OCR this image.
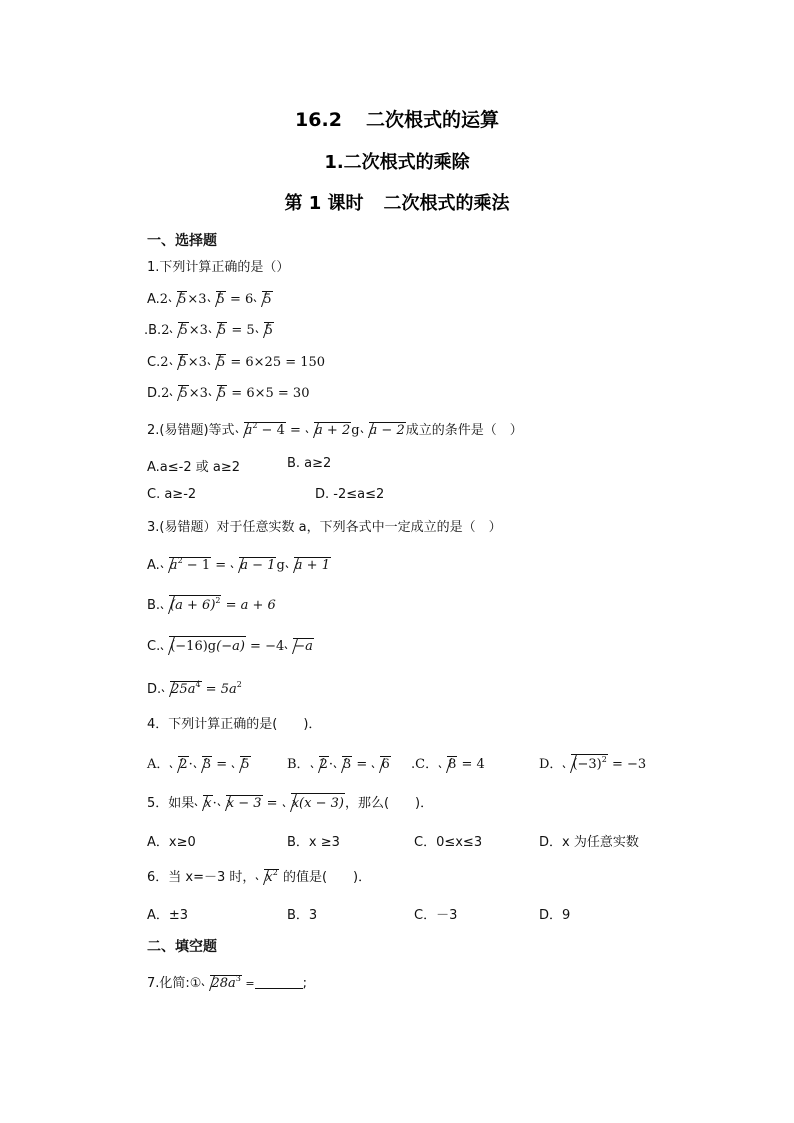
16.2 二次根式的运算
1.二次根式的乘除
第 1 课时 二次根式的乘法
一、选择题
1.下列计算正确的是（）
A.2 5×3 5 = 6 5
.B.2 5×3 5 = 5 5
C.2 5×3 5 = 6×25 = 150
D.2 5×3 5 = 6×5 = 30
2.(易错题)等式 $a^2 - 4 = a + 2g$ a − 2成立的条件是（　）
A.a≤-2 或 a≥2	B. a≥2
C. a≥-2	D. -2≤a≤2
3.(易错题）对于任意实数 a，下列各式中一定成立的是（　）
A. $a^2 - 1 = a - 1g$ a + 1
B. $(a + 6)^2 = a + 6$
C. (−16)g(−a) = −4 −a
D. $25a^4 = 5a^2$
4．下列计算正确的是(　　)．
A． 2· 3 = 5	B． 2· 3 = 6 .C． 8 = 4	D． $(-3)^2 = -3$
5．如果 x· x − 3 = x(x − 3)，那么(　　)．
A．x≥0	B．x ≥3	C．0≤x≤3	D．x 为任意实数
6．当 x=－3 时， $x^2$ 的值是(　　)．
A．±3	B．3	C．－3	D．9
二、填空题
7.化简:① $28a^3$ =	;
